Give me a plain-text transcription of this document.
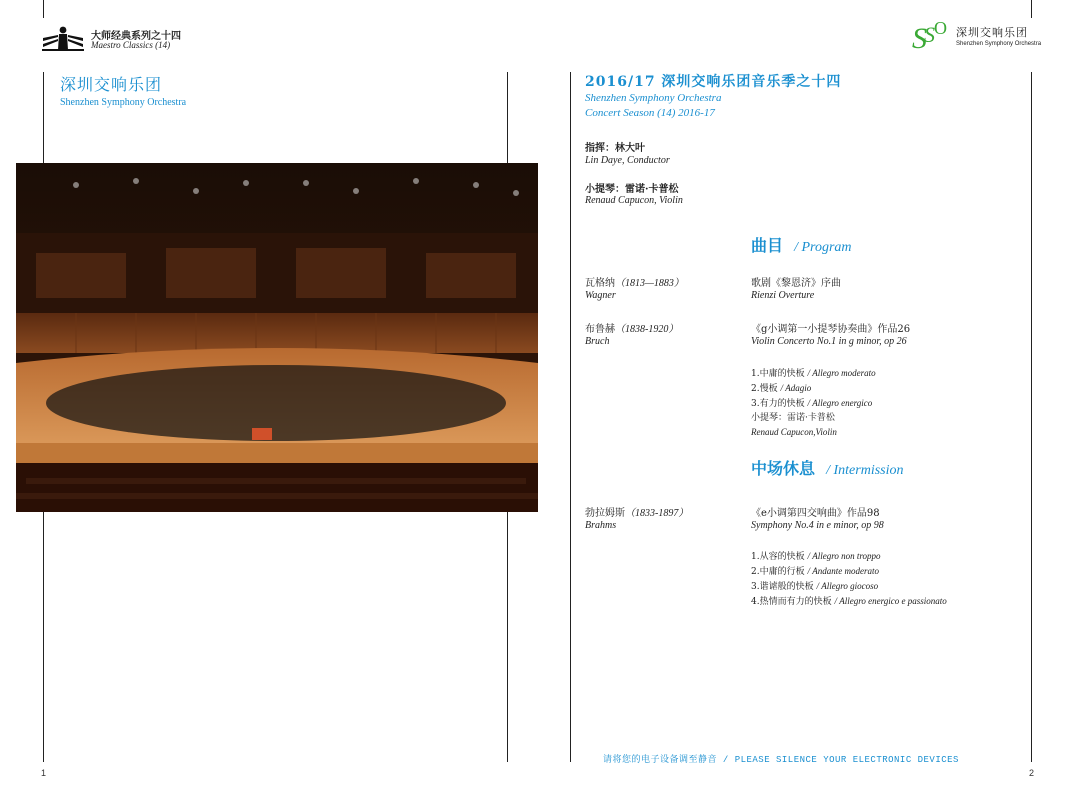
大师经典系列之十四
Maestro Classics (14)
深圳交响乐团
Shenzhen Symphony Orchestra
1
S
S O 深圳交响乐团
Shenzhen Symphony Orchestra
2016/17 深圳交响乐团音乐季之十四
Shenzhen Symphony Orchestra
Concert Season (14) 2016-17
指挥：林大叶
Lin Daye, Conductor
小提琴：雷诺·卡普松
Renaud Capucon, Violin
曲目 / Program
瓦格纳（1813—1883）
Wagner
歌剧《黎恩济》序曲
Rienzi Overture
布鲁赫（1838-1920）
Bruch
《g小调第一小提琴协奏曲》作品26
Violin Concerto No.1 in g minor, op 26
1.中庸的快板 / Allegro moderato
2.慢板 / Adagio
3.有力的快板 / Allegro energico
小提琴：雷诺·卡普松
Renaud Capucon,Violin
中场休息 / Intermission
勃拉姆斯（1833-1897）
Brahms
《e小调第四交响曲》作品98
Symphony No.4 in e minor, op 98
1.从容的快板 / Allegro non troppo
2.中庸的行板 / Andante moderato
3.谐谑般的快板 / Allegro giocoso
4.热情而有力的快板 / Allegro energico e passionato
请将您的电子设备调至静音 / PLEASE SILENCE YOUR ELECTRONIC DEVICES
2
